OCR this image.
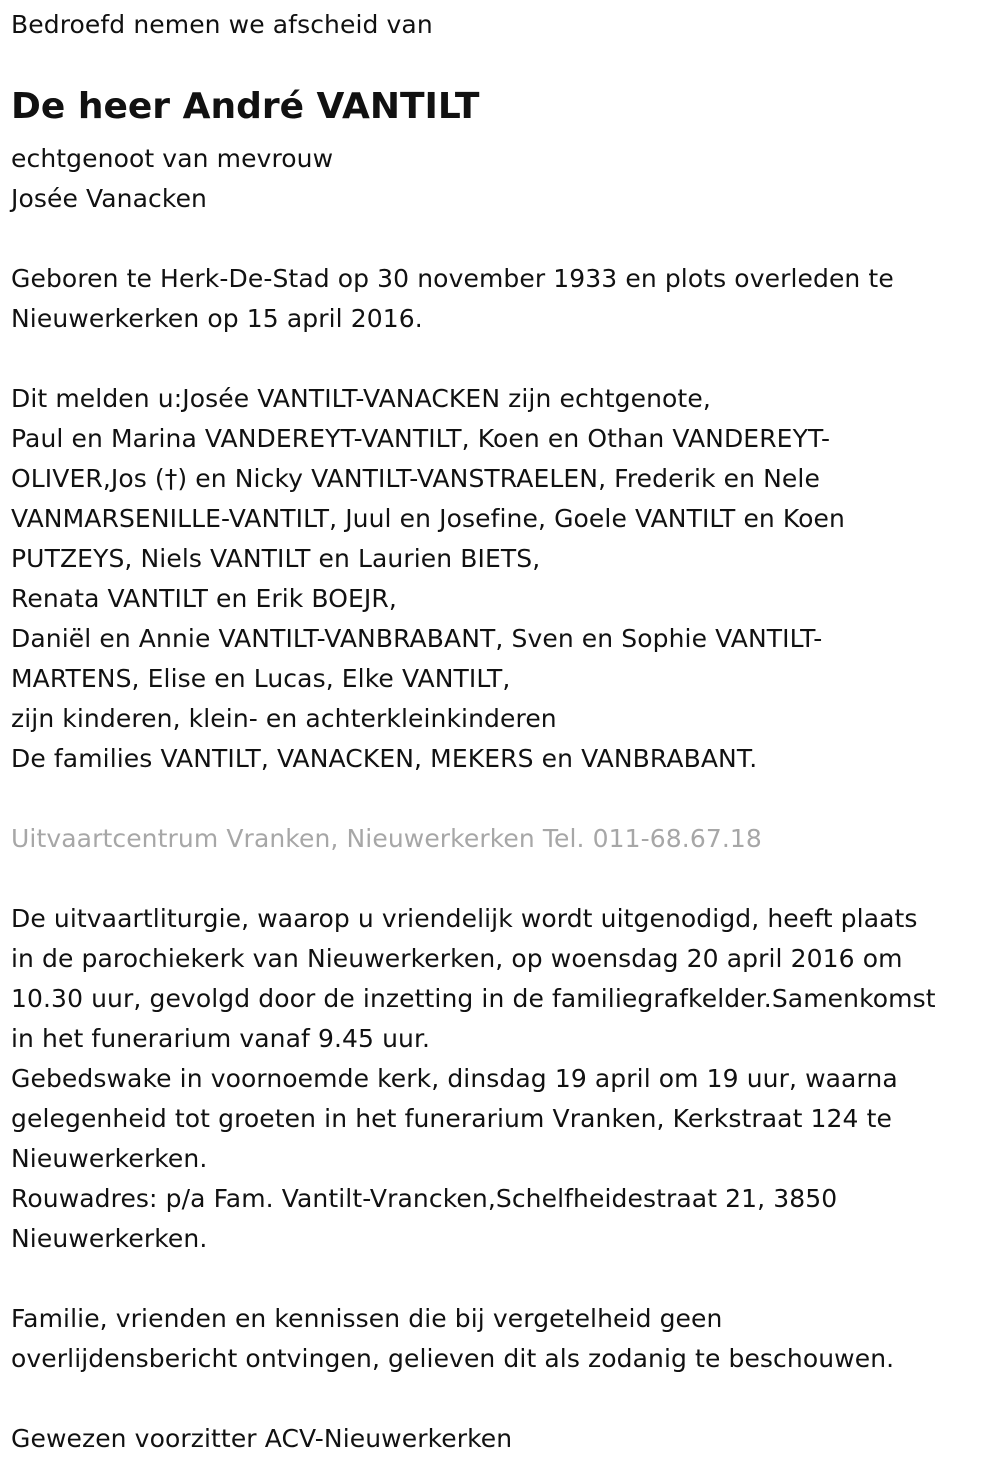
Bedroefd nemen we afscheid van
De heer André VANTILT
echtgenoot van mevrouw
Josée Vanacken
Geboren te Herk-De-Stad op 30 november 1933 en plots overleden te
Nieuwerkerken op 15 april 2016.
Dit melden u:Josée VANTILT-VANACKEN zijn echtgenote,
Paul en Marina VANDEREYT-VANTILT, Koen en Othan VANDEREYT-
OLIVER,Jos (†) en Nicky VANTILT-VANSTRAELEN, Frederik en Nele
VANMARSENILLE-VANTILT, Juul en Josefine, Goele VANTILT en Koen
PUTZEYS, Niels VANTILT en Laurien BIETS,
Renata VANTILT en Erik BOEJR,
Daniël en Annie VANTILT-VANBRABANT, Sven en Sophie VANTILT-
MARTENS, Elise en Lucas, Elke VANTILT,
zijn kinderen, klein- en achterkleinkinderen
De families VANTILT, VANACKEN, MEKERS en VANBRABANT.
Uitvaartcentrum Vranken, Nieuwerkerken Tel. 011-68.67.18
De uitvaartliturgie, waarop u vriendelijk wordt uitgenodigd, heeft plaats
in de parochiekerk van Nieuwerkerken, op woensdag 20 april 2016 om
10.30 uur, gevolgd door de inzetting in de familiegrafkelder.Samenkomst
in het funerarium vanaf 9.45 uur.
Gebedswake in voornoemde kerk, dinsdag 19 april om 19 uur, waarna
gelegenheid tot groeten in het funerarium Vranken, Kerkstraat 124 te
Nieuwerkerken.
Rouwadres: p/a Fam. Vantilt-Vrancken,Schelfheidestraat 21, 3850
Nieuwerkerken.
Familie, vrienden en kennissen die bij vergetelheid geen
overlijdensbericht ontvingen, gelieven dit als zodanig te beschouwen.
Gewezen voorzitter ACV-Nieuwerkerken
